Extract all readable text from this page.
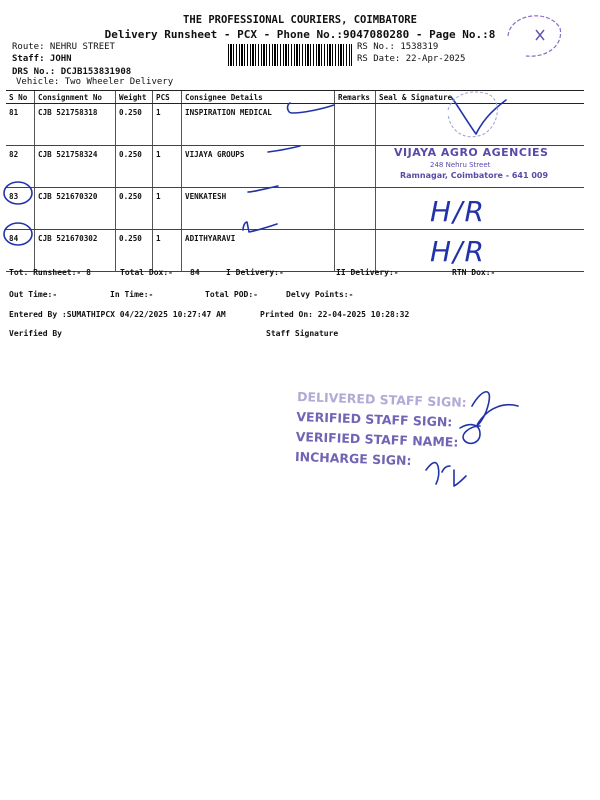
THE PROFESSIONAL COURIERS, COIMBATORE
Delivery Runsheet - PCX - Phone No.:9047080280 - Page No.:8
Route: NEHRU STREET
Staff: JOHN
DRS No.: DCJB153831908
Vehicle: Two Wheeler Delivery
RS No.: 1538319
RS Date: 22-Apr-2025
S No	Consignment No	Weight	PCS	Consignee Details	Remarks	Seal & Signature
81	CJB 521758318	0.250	1	INSPIRATION MEDICAL		
82	CJB 521758324	0.250	1	VIJAYA GROUPS		
83	CJB 521670320	0.250	1	VENKATESH		
84	CJB 521670302	0.250	1	ADITHYARAVI		
H/R
H/R
VIJAYA AGRO AGENCIES
248 Nehru Street
Ramnagar, Coimbatore - 641 009
Tot. Runsheet:- 8	Total Dox:- 84	I Delivery:-	II Delivery:-	RTN Dox:-
Out Time:-	In Time:-	Total POD:-	Delvy Points:-
Entered By :SUMATHIPCX 04/22/2025 10:27:47 AM	Printed On: 22-04-2025 10:28:32
Verified By	Staff Signature
DELIVERED STAFF SIGN:
VERIFIED STAFF SIGN:
VERIFIED STAFF NAME:
INCHARGE SIGN:
